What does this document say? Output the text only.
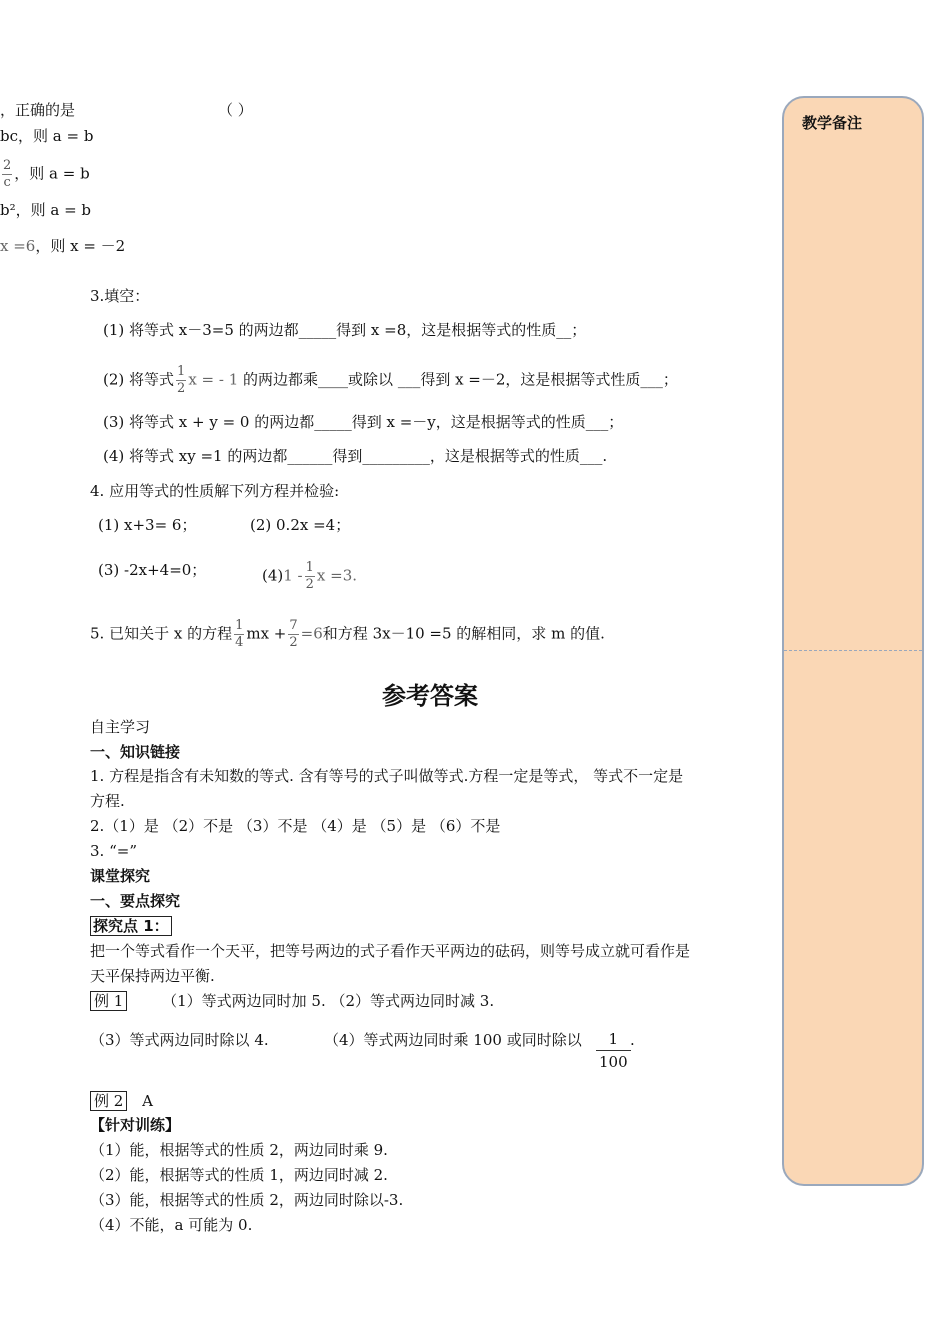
，正确的是	（ ）
bc，则 a = b
$\frac{2}{c}$ ，则 a = b
b²，则 a = b
x =6，则 x = －2
3.填空：
(1) 将等式 x－3=5 的两边都_____得到 x =8，这是根据等式的性质__；
(2) 将等式 $\frac{1}{2}$ x = - 1 的两边都乘____或除以 ___得到 x =－2，这是根据等式性质___；
(3) 将等式 x + y = 0 的两边都_____得到 x =－y，这是根据等式的性质___；
(4) 将等式 xy =1 的两边都______得到_________，这是根据等式的性质___.
4. 应用等式的性质解下列方程并检验:
(1) x+3= 6；	(2) 0.2x =4；
(3) -2x+4=0；	$(4)1 - \frac{1}{2}$ x =3.
5. 已知关于 x 的方程 $\frac{1}{4}$ mx + $\frac{7}{2} =6$和方程 3x－10 =5 的解相同，求 m 的值.
参考答案
自主学习
一、知识链接
1. 方程是指含有未知数的等式. 含有等号的式子叫做等式.方程一定是等式， 等式不一定是
方程.
2.（1）是 （2）不是 （3）不是 （4）是 （5）是 （6）不是
3. “=”
课堂探究
一、要点探究
探究点 1：
把一个等式看作一个天平，把等号两边的式子看作天平两边的砝码，则等号成立就可看作是
天平保持两边平衡.
例 1	（1）等式两边同时加 5. （2）等式两边同时减 3.
（3）等式两边同时除以 4.	（4）等式两边同时乘 100 或同时除以 $\frac{1}{100}$ .
例 2 A
【针对训练】
（1）能，根据等式的性质 2，两边同时乘 9.
（2）能，根据等式的性质 1，两边同时减 2.
（3）能，根据等式的性质 2，两边同时除以-3.
（4）不能，a 可能为 0.
教学备注
